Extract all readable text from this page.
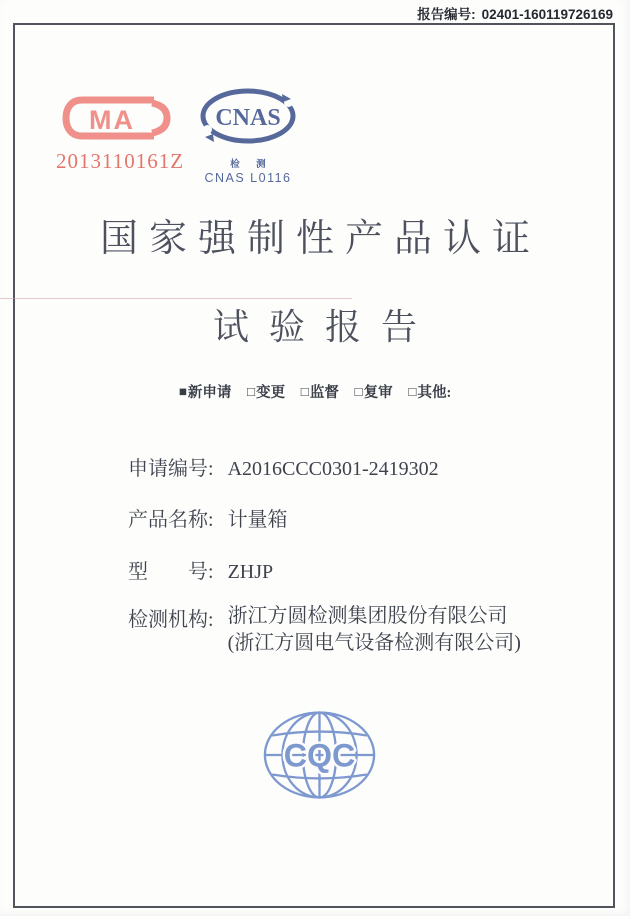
报告编号: 02401-160119726169
MA
2013110161Z
CNAS
检 测
CNAS L0116
国家强制性产品认证
试验报告
■新申请 □变更 □监督 □复审 □其他:
申请编号: A2016CCC0301-2419302
产品名称: 计量箱
型　　号: ZHJP
检测机构: 浙江方圆检测集团股份有限公司
(浙江方圆电气设备检测有限公司)
CQC
